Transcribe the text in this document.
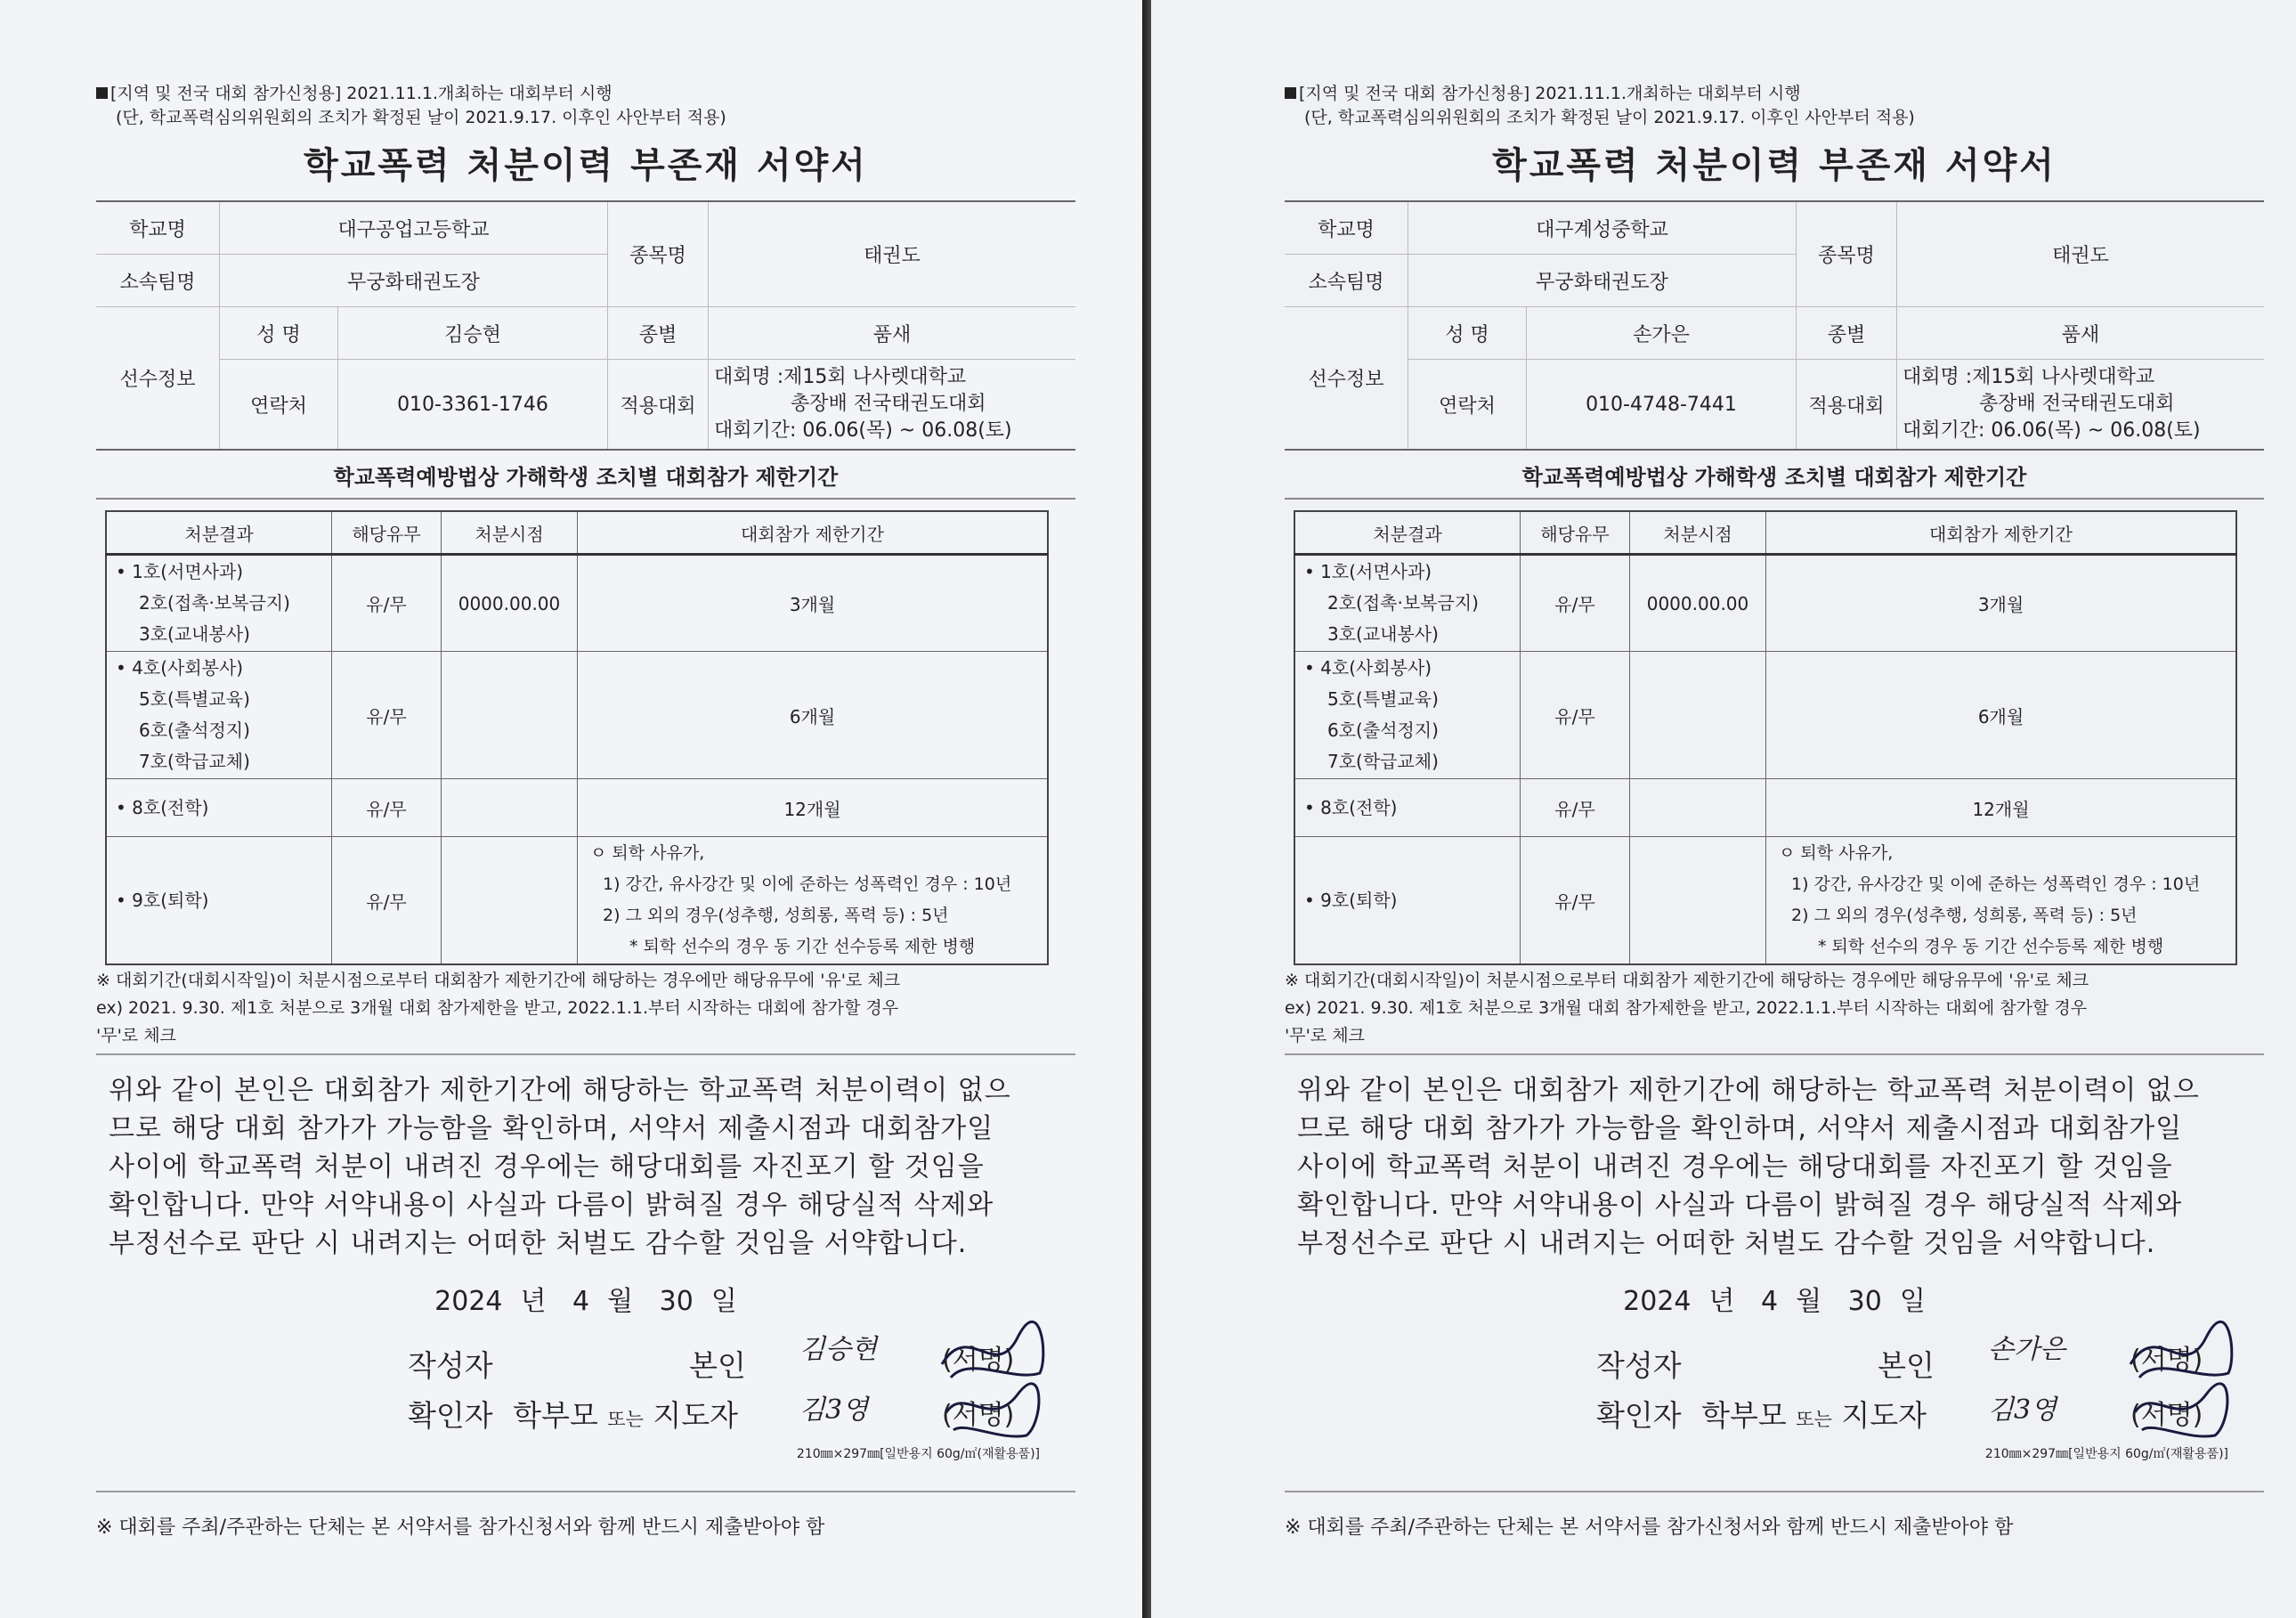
[지역 및 전국 대회 참가신청용] 2021.11.1.개최하는 대회부터 시행
(단, 학교폭력심의위원회의 조치가 확정된 날이 2021.9.17. 이후인 사안부터 적용)
학교폭력 처분이력 부존재 서약서
학교명	대구공업고등학교		종목명	태권도
소속팀명	무궁화태권도장			
선수정보	성 명	김승현	종별	품새
	연락처	010-3361-1746	적용대회	대회명 :제15회 나사렛대학교
총장배 전국태권도대회
대회기간: 06.06(목) ~ 06.08(토)
학교폭력예방법상 가해학생 조치별 대회참가 제한기간
처분결과	해당유무	처분시점	대회참가 제한기간

• 1호(서면사과)
2호(접촉·보복금지)
3호(교내봉사)	유/무	0000.00.00	3개월

• 4호(사회봉사)
5호(특별교육)
6호(출석정지)
7호(학급교체)	유/무		6개월
• 8호(전학)	유/무		12개월
• 9호(퇴학)	유/무		ㅇ 퇴학 사유가,
1) 강간, 유사강간 및 이에 준하는 성폭력인 경우 : 10년
2) 그 외의 경우(성추행, 성희롱, 폭력 등) : 5년
* 퇴학 선수의 경우 동 기간 선수등록 제한 병행
※ 대회기간(대회시작일)이 처분시점으로부터 대회참가 제한기간에 해당하는 경우에만 해당유무에 '유'로 체크
ex) 2021. 9.30. 제1호 처분으로 3개월 대회 참가제한을 받고, 2022.1.1.부터 시작하는 대회에 참가할 경우
'무'로 체크
위와 같이 본인은 대회참가 제한기간에 해당하는 학교폭력 처분이력이 없으
므로 해당 대회 참가가 가능함을 확인하며, 서약서 제출시점과 대회참가일
사이에 학교폭력 처분이 내려진 경우에는 해당대회를 자진포기 할 것임을
확인합니다. 만약 서약내용이 사실과 다름이 밝혀질 경우 해당실적 삭제와
부정선수로 판단 시 내려지는 어떠한 처벌도 감수할 것임을 서약합니다.
2024 년 4 월 30 일
작성자	본인 김승현 (서명)
확인자 학부모 또는 지도자 김3영	(서명)
210㎜×297㎜[일반용지 60g/㎡(재활용품)]
※ 대회를 주최/주관하는 단체는 본 서약서를 참가신청서와 함께 반드시 제출받아야 함
[지역 및 전국 대회 참가신청용] 2021.11.1.개최하는 대회부터 시행
(단, 학교폭력심의위원회의 조치가 확정된 날이 2021.9.17. 이후인 사안부터 적용)
학교폭력 처분이력 부존재 서약서
학교명	대구계성중학교		종목명	태권도
소속팀명	무궁화태권도장			
선수정보	성 명	손가은	종별	품새
	연락처	010-4748-7441	적용대회	대회명 :제15회 나사렛대학교
총장배 전국태권도대회
대회기간: 06.06(목) ~ 06.08(토)
학교폭력예방법상 가해학생 조치별 대회참가 제한기간
처분결과	해당유무	처분시점	대회참가 제한기간

• 1호(서면사과)
2호(접촉·보복금지)
3호(교내봉사)	유/무	0000.00.00	3개월

• 4호(사회봉사)
5호(특별교육)
6호(출석정지)
7호(학급교체)	유/무		6개월
• 8호(전학)	유/무		12개월
• 9호(퇴학)	유/무		ㅇ 퇴학 사유가,
1) 강간, 유사강간 및 이에 준하는 성폭력인 경우 : 10년
2) 그 외의 경우(성추행, 성희롱, 폭력 등) : 5년
* 퇴학 선수의 경우 동 기간 선수등록 제한 병행
※ 대회기간(대회시작일)이 처분시점으로부터 대회참가 제한기간에 해당하는 경우에만 해당유무에 '유'로 체크
ex) 2021. 9.30. 제1호 처분으로 3개월 대회 참가제한을 받고, 2022.1.1.부터 시작하는 대회에 참가할 경우
'무'로 체크
위와 같이 본인은 대회참가 제한기간에 해당하는 학교폭력 처분이력이 없으
므로 해당 대회 참가가 가능함을 확인하며, 서약서 제출시점과 대회참가일
사이에 학교폭력 처분이 내려진 경우에는 해당대회를 자진포기 할 것임을
확인합니다. 만약 서약내용이 사실과 다름이 밝혀질 경우 해당실적 삭제와
부정선수로 판단 시 내려지는 어떠한 처벌도 감수할 것임을 서약합니다.
2024 년 4 월 30 일
작성자	본인 손가은 (서명)
확인자 학부모 또는 지도자 김3영	(서명)
210㎜×297㎜[일반용지 60g/㎡(재활용품)]
※ 대회를 주최/주관하는 단체는 본 서약서를 참가신청서와 함께 반드시 제출받아야 함
